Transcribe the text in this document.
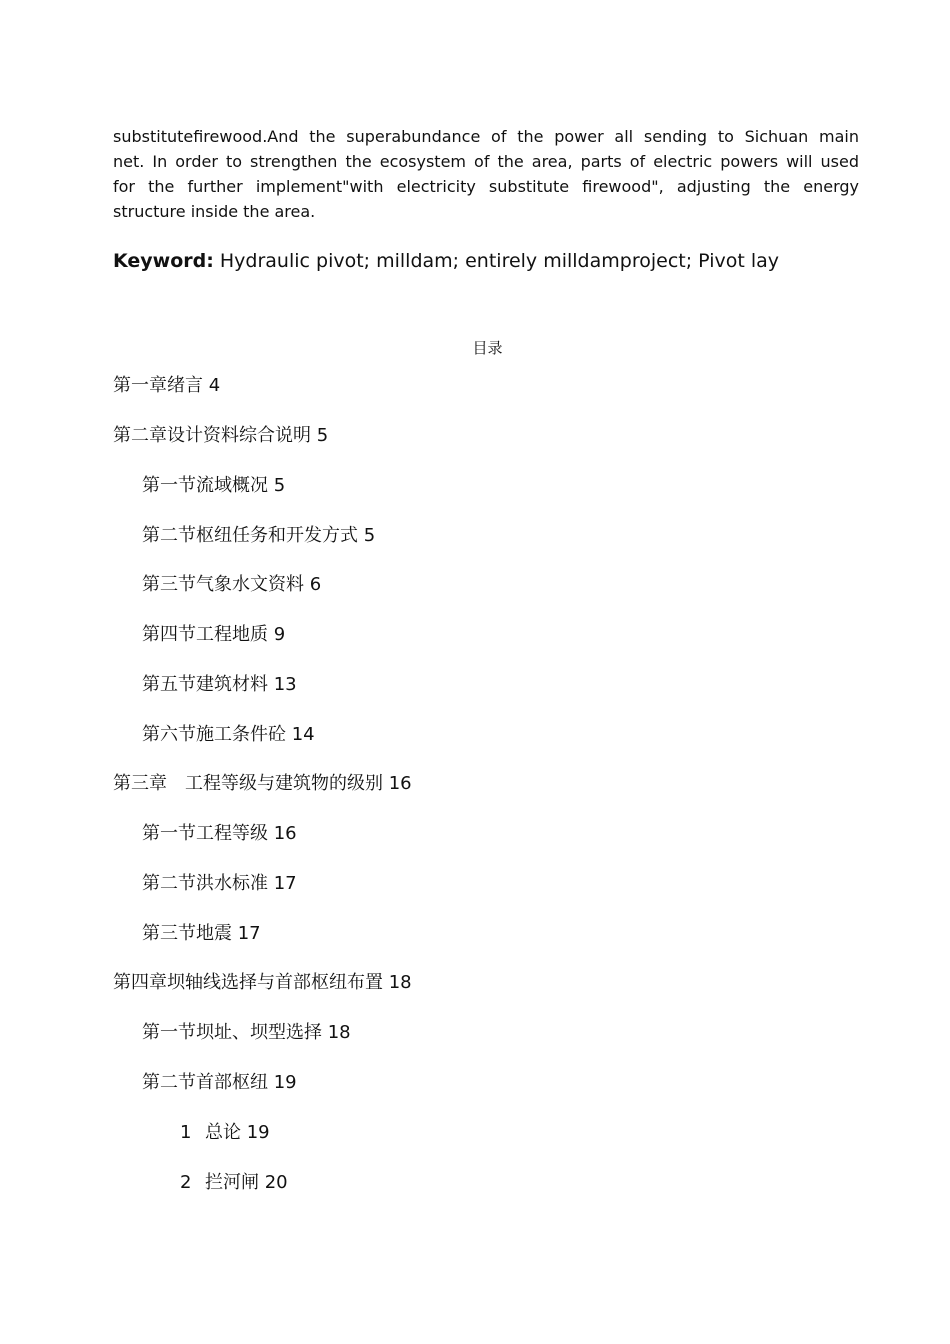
substitutefirewood.And the superabundance of the power all sending to Sichuan main
net. In order to strengthen the ecosystem of the area, parts of electric powers will used
for the further implement"with electricity substitute firewood", adjusting the energy
structure inside the area.

Keyword: Hydraulic pivot; milldam; entirely milldamproject; Pivot lay

目录
第一章绪言 4
第二章设计资料综合说明 5
第一节流域概况 5
第二节枢纽任务和开发方式 5
第三节气象水文资料 6
第四节工程地质 9
第五节建筑材料 13
第六节施工条件砼 14
第三章　工程等级与建筑物的级别 16
第一节工程等级 16
第二节洪水标准 17
第三节地震 17
第四章坝轴线选择与首部枢纽布置 18
第一节坝址、坝型选择 18
第二节首部枢纽 19
1 总论 19
2 拦河闸 20
